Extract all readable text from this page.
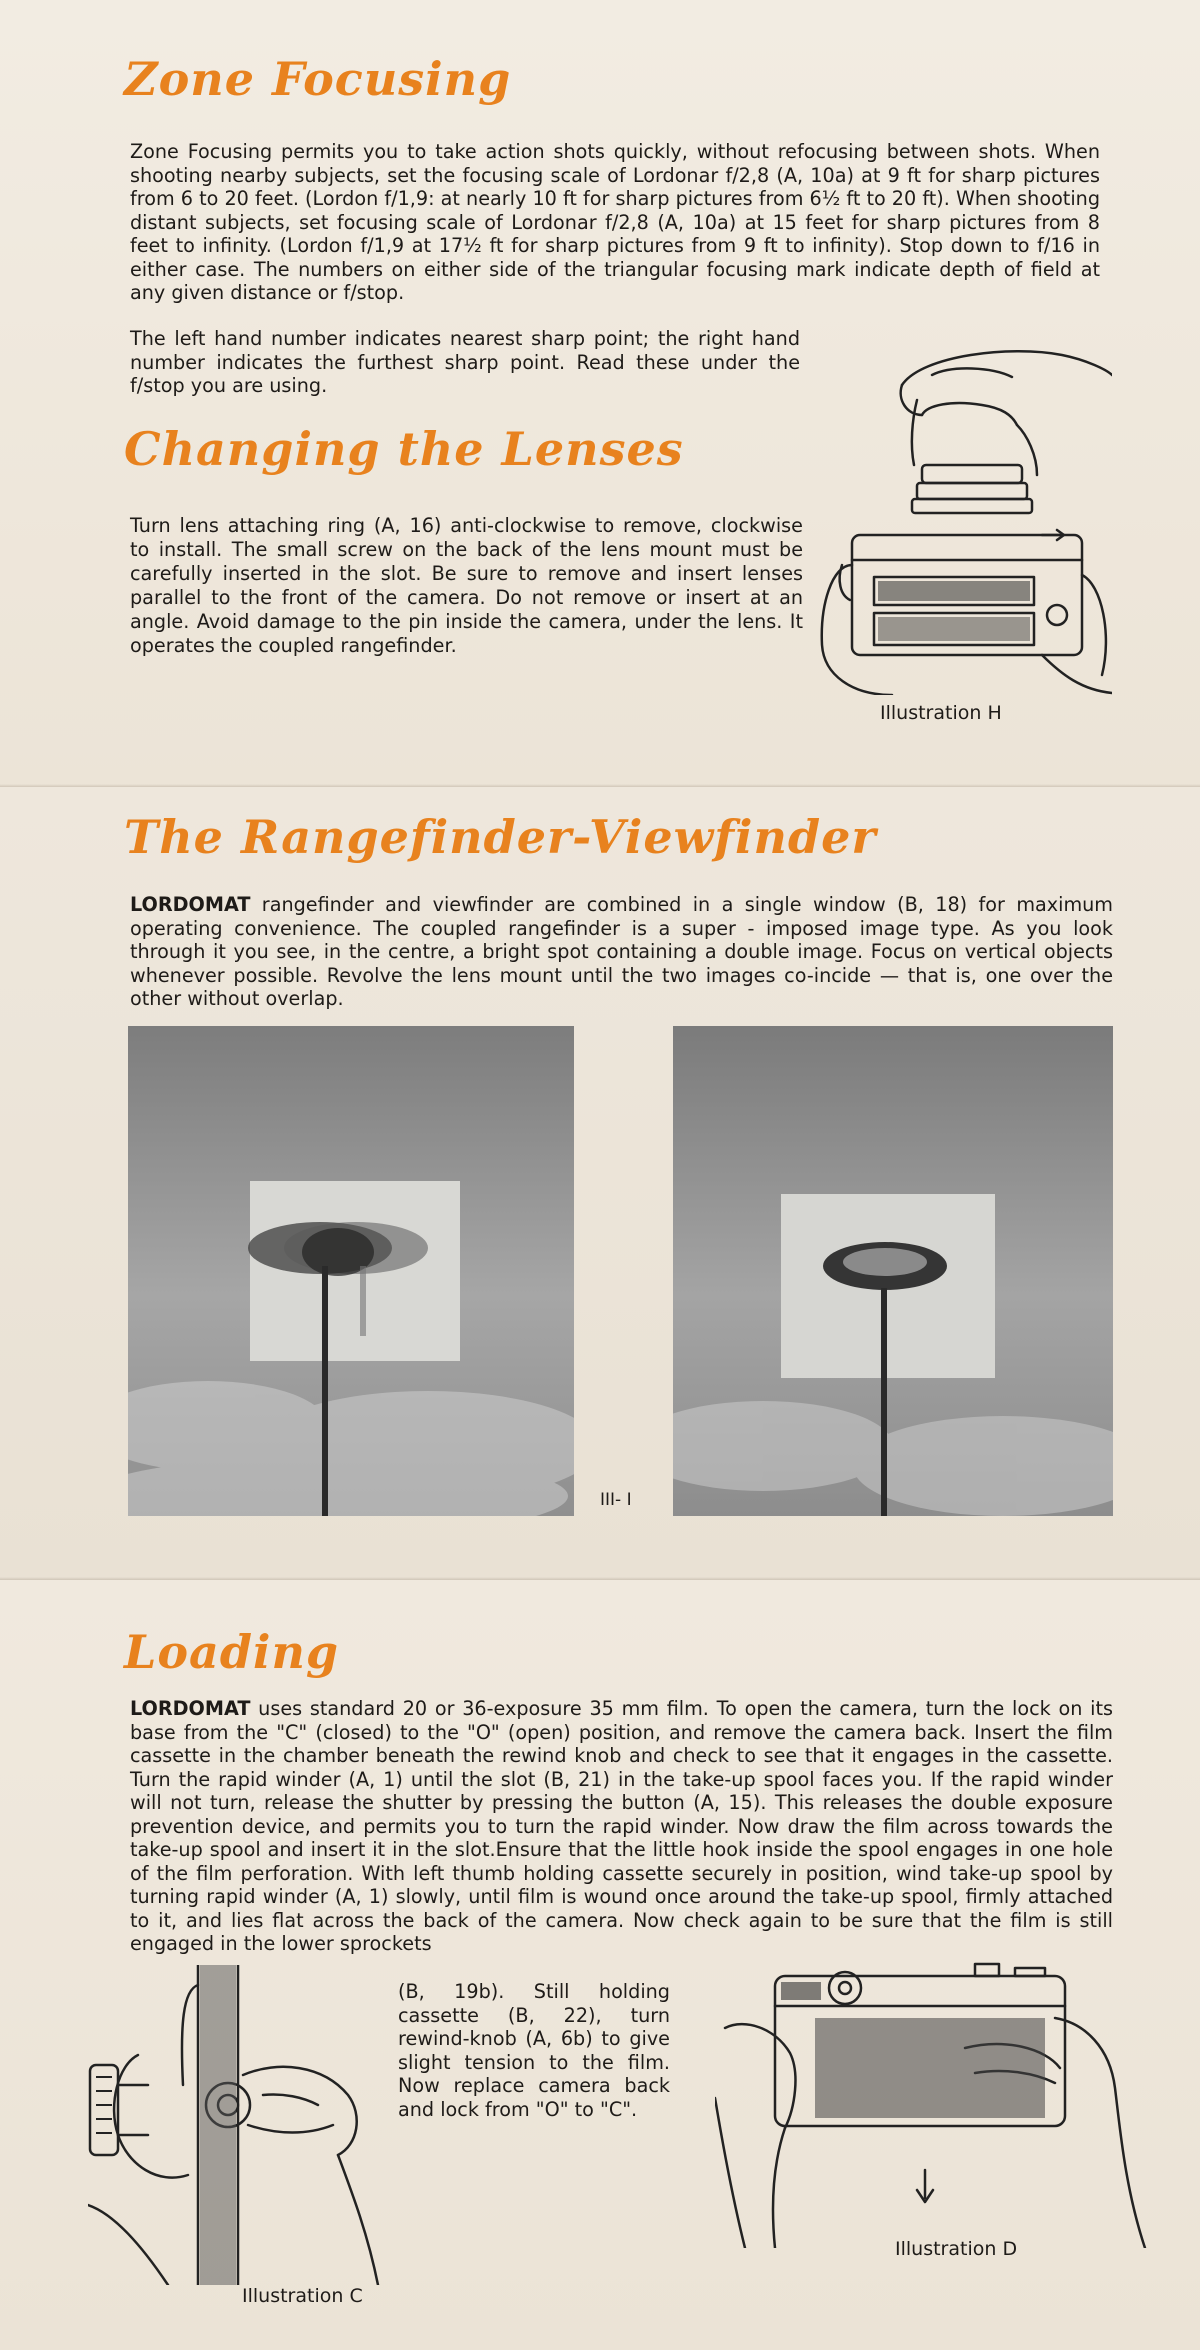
Zone Focusing

Zone Focusing permits you to take action shots quickly, without refocusing between shots. When shooting nearby subjects, set the focusing scale of Lordonar f/2,8 (A, 10a) at 9 ft for sharp pictures from 6 to 20 feet. (Lordon f/1,9: at nearly 10 ft for sharp pictures from 6½ ft to 20 ft). When shooting distant subjects, set focusing scale of Lordonar f/2,8 (A, 10a) at 15 feet for sharp pictures from 8 feet to infinity. (Lordon f/1,9 at 17½ ft for sharp pictures from 9 ft to infinity). Stop down to f/16 in either case. The numbers on either side of the triangular focusing mark indicate depth of field at any given distance or f/stop.

The left hand number indicates nearest sharp point; the right hand number indicates the furthest sharp point. Read these under the f/stop you are using.

Changing the Lenses

Turn lens attaching ring (A, 16) anti-clockwise to remove, clockwise to install. The small screw on the back of the lens mount must be carefully inserted in the slot. Be sure to remove and insert lenses parallel to the front of the camera. Do not remove or insert at an angle. Avoid damage to the pin inside the camera, under the lens. It operates the coupled rangefinder.

Illustration H
The Rangefinder-Viewfinder

LORDOMAT rangefinder and viewfinder are combined in a single window (B, 18) for maximum operating convenience. The coupled rangefinder is a super - imposed image type. As you look through it you see, in the centre, a bright spot containing a double image. Focus on vertical objects whenever possible. Revolve the lens mount until the two images co-incide — that is, one over the other without overlap.

III- I
Loading

LORDOMAT uses standard 20 or 36-exposure 35 mm film. To open the camera, turn the lock on its base from the "C" (closed) to the "O" (open) position, and remove the camera back. Insert the film cassette in the chamber beneath the rewind knob and check to see that it engages in the cassette. Turn the rapid winder (A, 1) until the slot (B, 21) in the take-up spool faces you. If the rapid winder will not turn, release the shutter by pressing the button (A, 15). This releases the double exposure prevention device, and permits you to turn the rapid winder. Now draw the film across towards the take-up spool and insert it in the slot.Ensure that the little hook inside the spool engages in one hole of the film perforation. With left thumb holding cassette securely in position, wind take-up spool by turning rapid winder (A, 1) slowly, until film is wound once around the take-up spool, firmly attached to it, and lies flat across the back of the camera. Now check again to be sure that the film is still engaged in the lower sprockets

(B, 19b). Still holding cassette (B, 22), turn rewind-knob (A, 6b) to give slight tension to the film. Now replace camera back and lock from "O" to "C".

Illustration C
Illustration D
